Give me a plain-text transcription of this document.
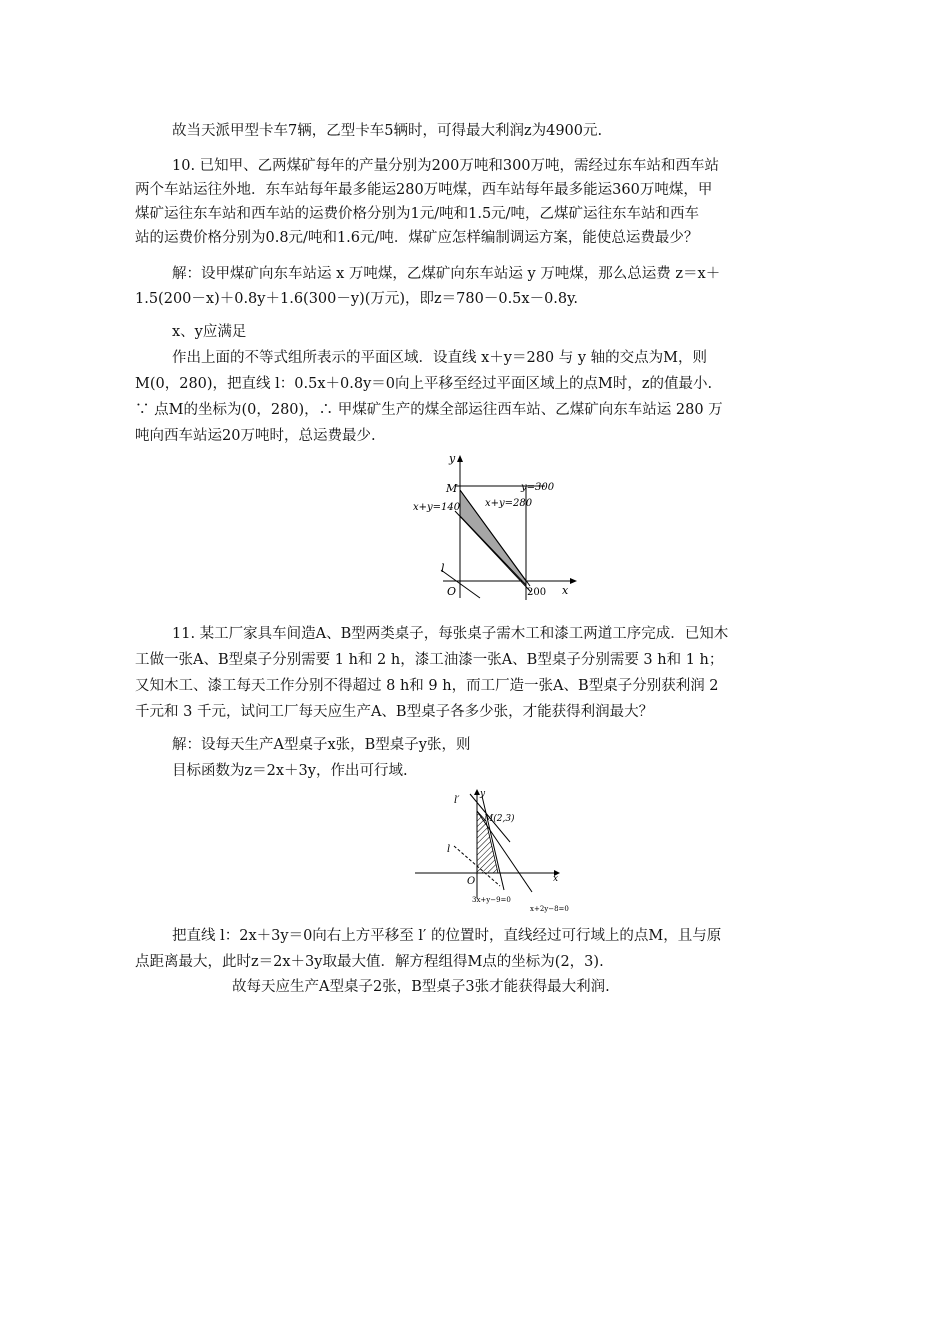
故当天派甲型卡车7辆，乙型卡车5辆时，可得最大利润z为4900元.
10. 已知甲、乙两煤矿每年的产量分别为200万吨和300万吨，需经过东车站和西车站
两个车站运往外地．东车站每年最多能运280万吨煤，西车站每年最多能运360万吨煤，甲
煤矿运往东车站和西车站的运费价格分别为1元/吨和1.5元/吨，乙煤矿运往东车站和西车
站的运费价格分别为0.8元/吨和1.6元/吨．煤矿应怎样编制调运方案，能使总运费最少？
解：设甲煤矿向东车站运 x 万吨煤，乙煤矿向东车站运 y 万吨煤，那么总运费 z＝x＋
1.5(200－x)＋0.8y＋1.6(300－y)(万元)，即z＝780－0.5x－0.8y.
x、y应满足
作出上面的不等式组所表示的平面区域．设直线 x＋y＝280 与 y 轴的交点为M，则
M(0，280)，把直线 l：0.5x＋0.8y＝0向上平移至经过平面区域上的点M时，z的值最小.
∵ 点M的坐标为(0，280)，∴ 甲煤矿生产的煤全部运往西车站、乙煤矿向东车站运 280 万
吨向西车站运20万吨时，总运费最少.
y
x
O
M
l
y=300
x+y=140 x+y=280
200
11. 某工厂家具车间造A、B型两类桌子，每张桌子需木工和漆工两道工序完成．已知木
工做一张A、B型桌子分别需要 1 h和 2 h，漆工油漆一张A、B型桌子分别需要 3 h和 1 h；
又知木工、漆工每天工作分别不得超过 8 h和 9 h，而工厂造一张A、B型桌子分别获利润 2
千元和 3 千元，试问工厂每天应生产A、B型桌子各多少张，才能获得利润最大？
解：设每天生产A型桌子x张，B型桌子y张，则
目标函数为z＝2x＋3y，作出可行域.
y
x
O
M(2,3)
l′
l
3x+y−9=0
x+2y−8=0
把直线 l：2x＋3y＝0向右上方平移至 l′ 的位置时，直线经过可行域上的点M，且与原
点距离最大，此时z＝2x＋3y取最大值．解方程组得M点的坐标为(2，3).
故每天应生产A型桌子2张，B型桌子3张才能获得最大利润.
